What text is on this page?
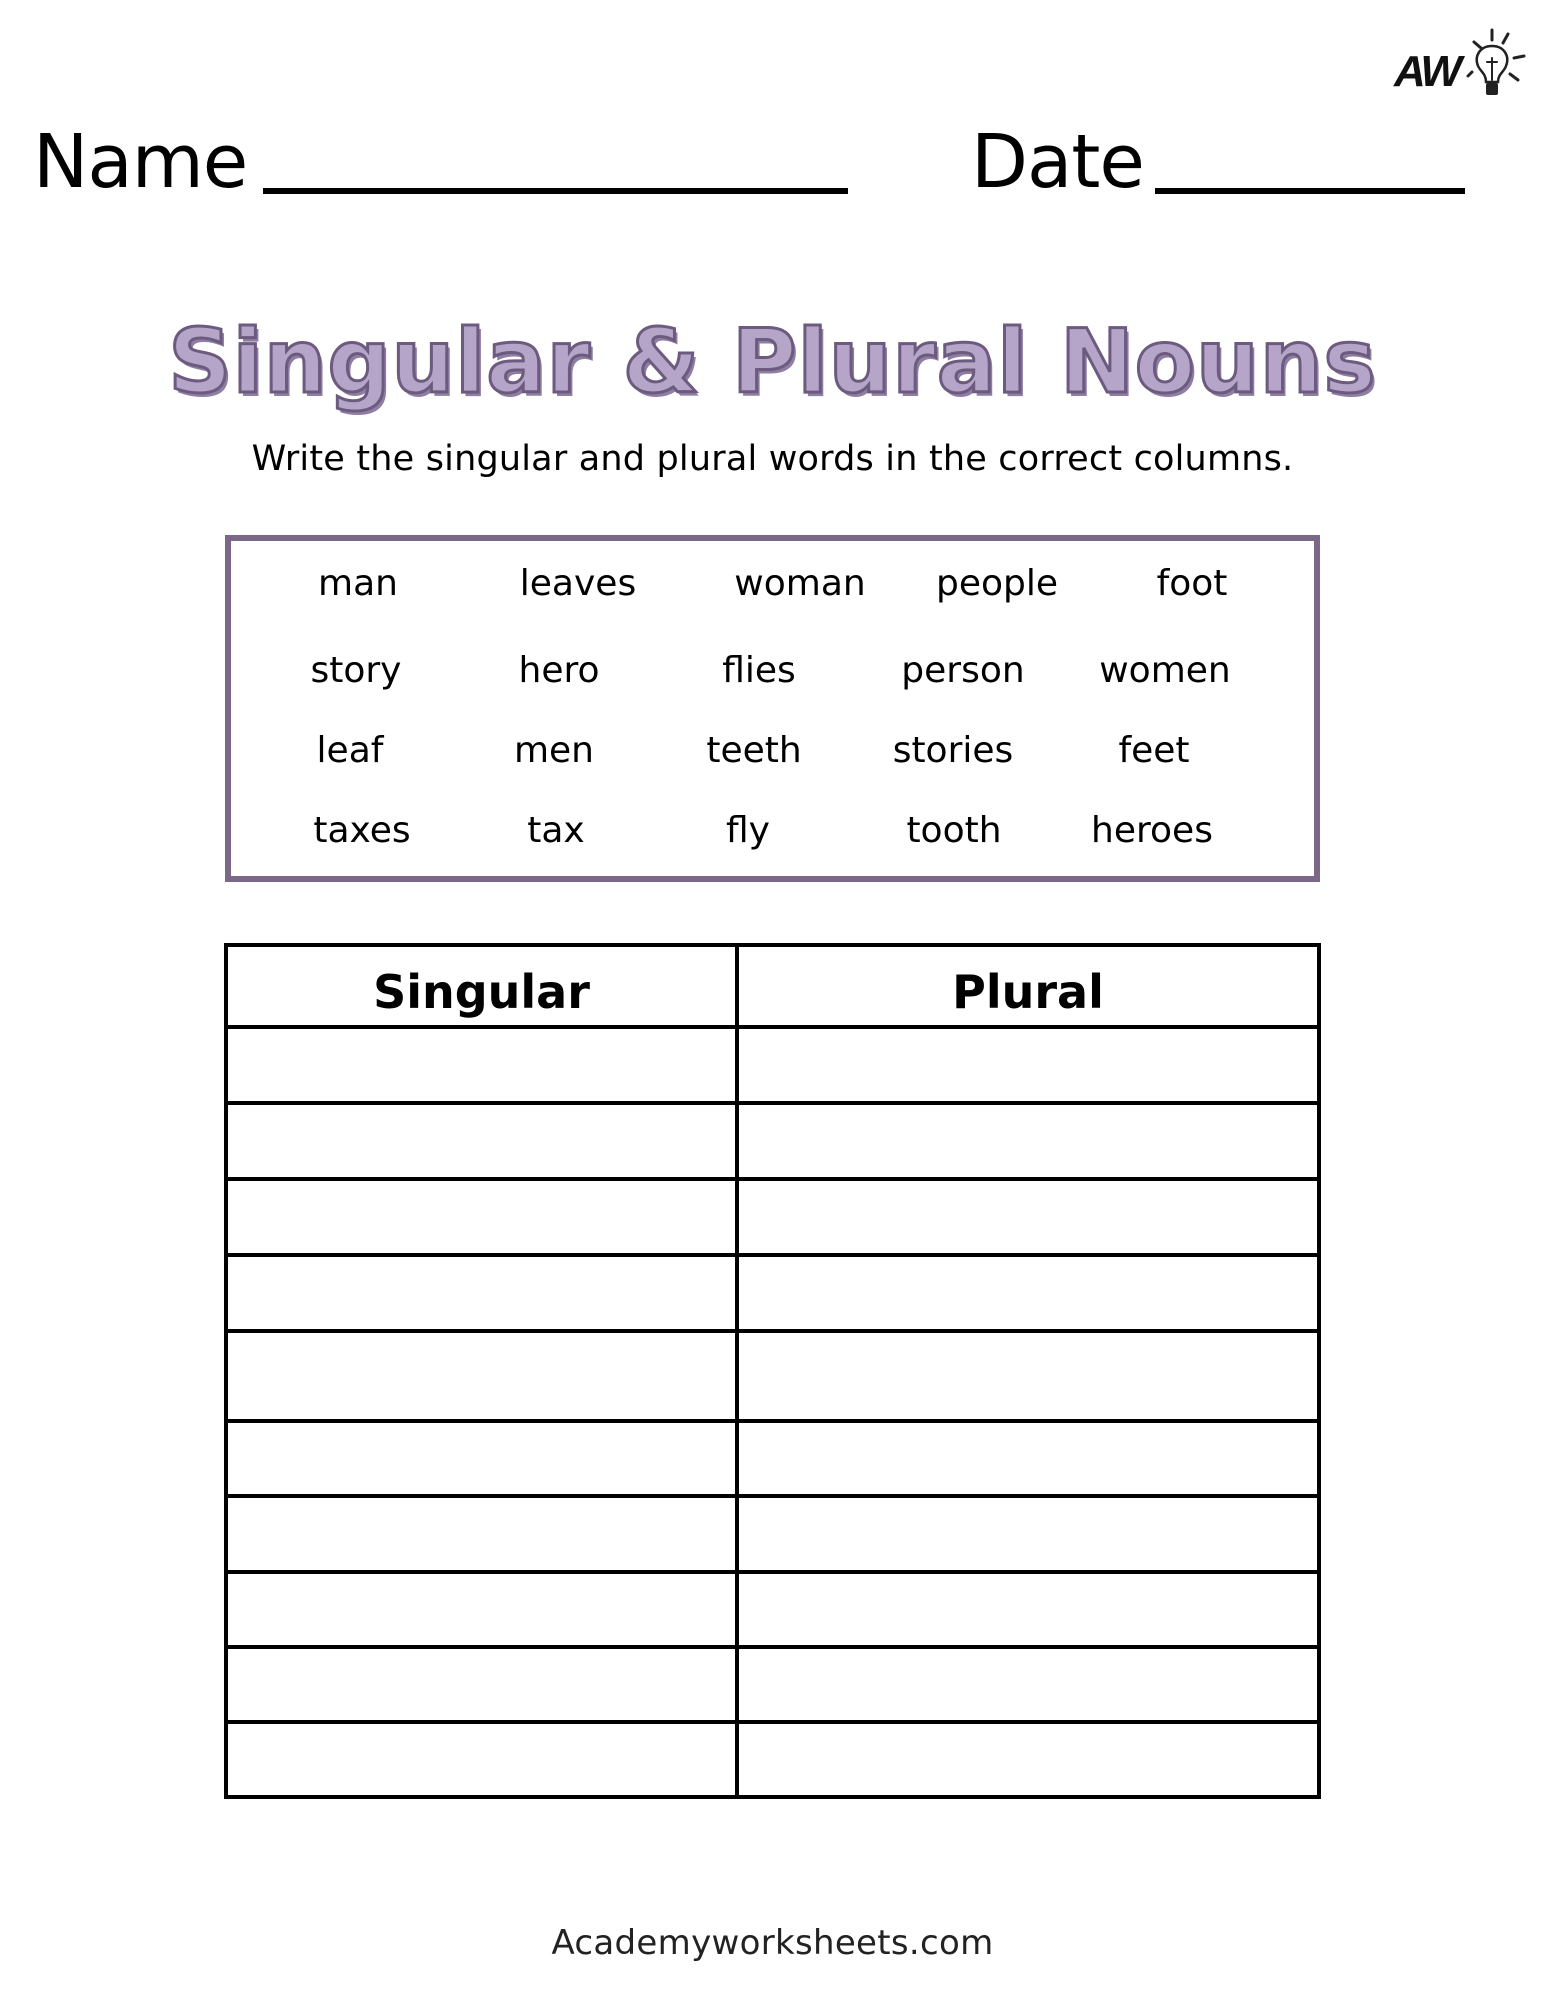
Name	Date
AW
Singular & Plural Nouns
Write the singular and plural words in the correct columns.
man	leaves	woman	people	foot
story	hero	flies	person	women
leaf	men	teeth	stories	feet
taxes	tax	fly	tooth	heroes
Singular	Plural
Academyworksheets.com
